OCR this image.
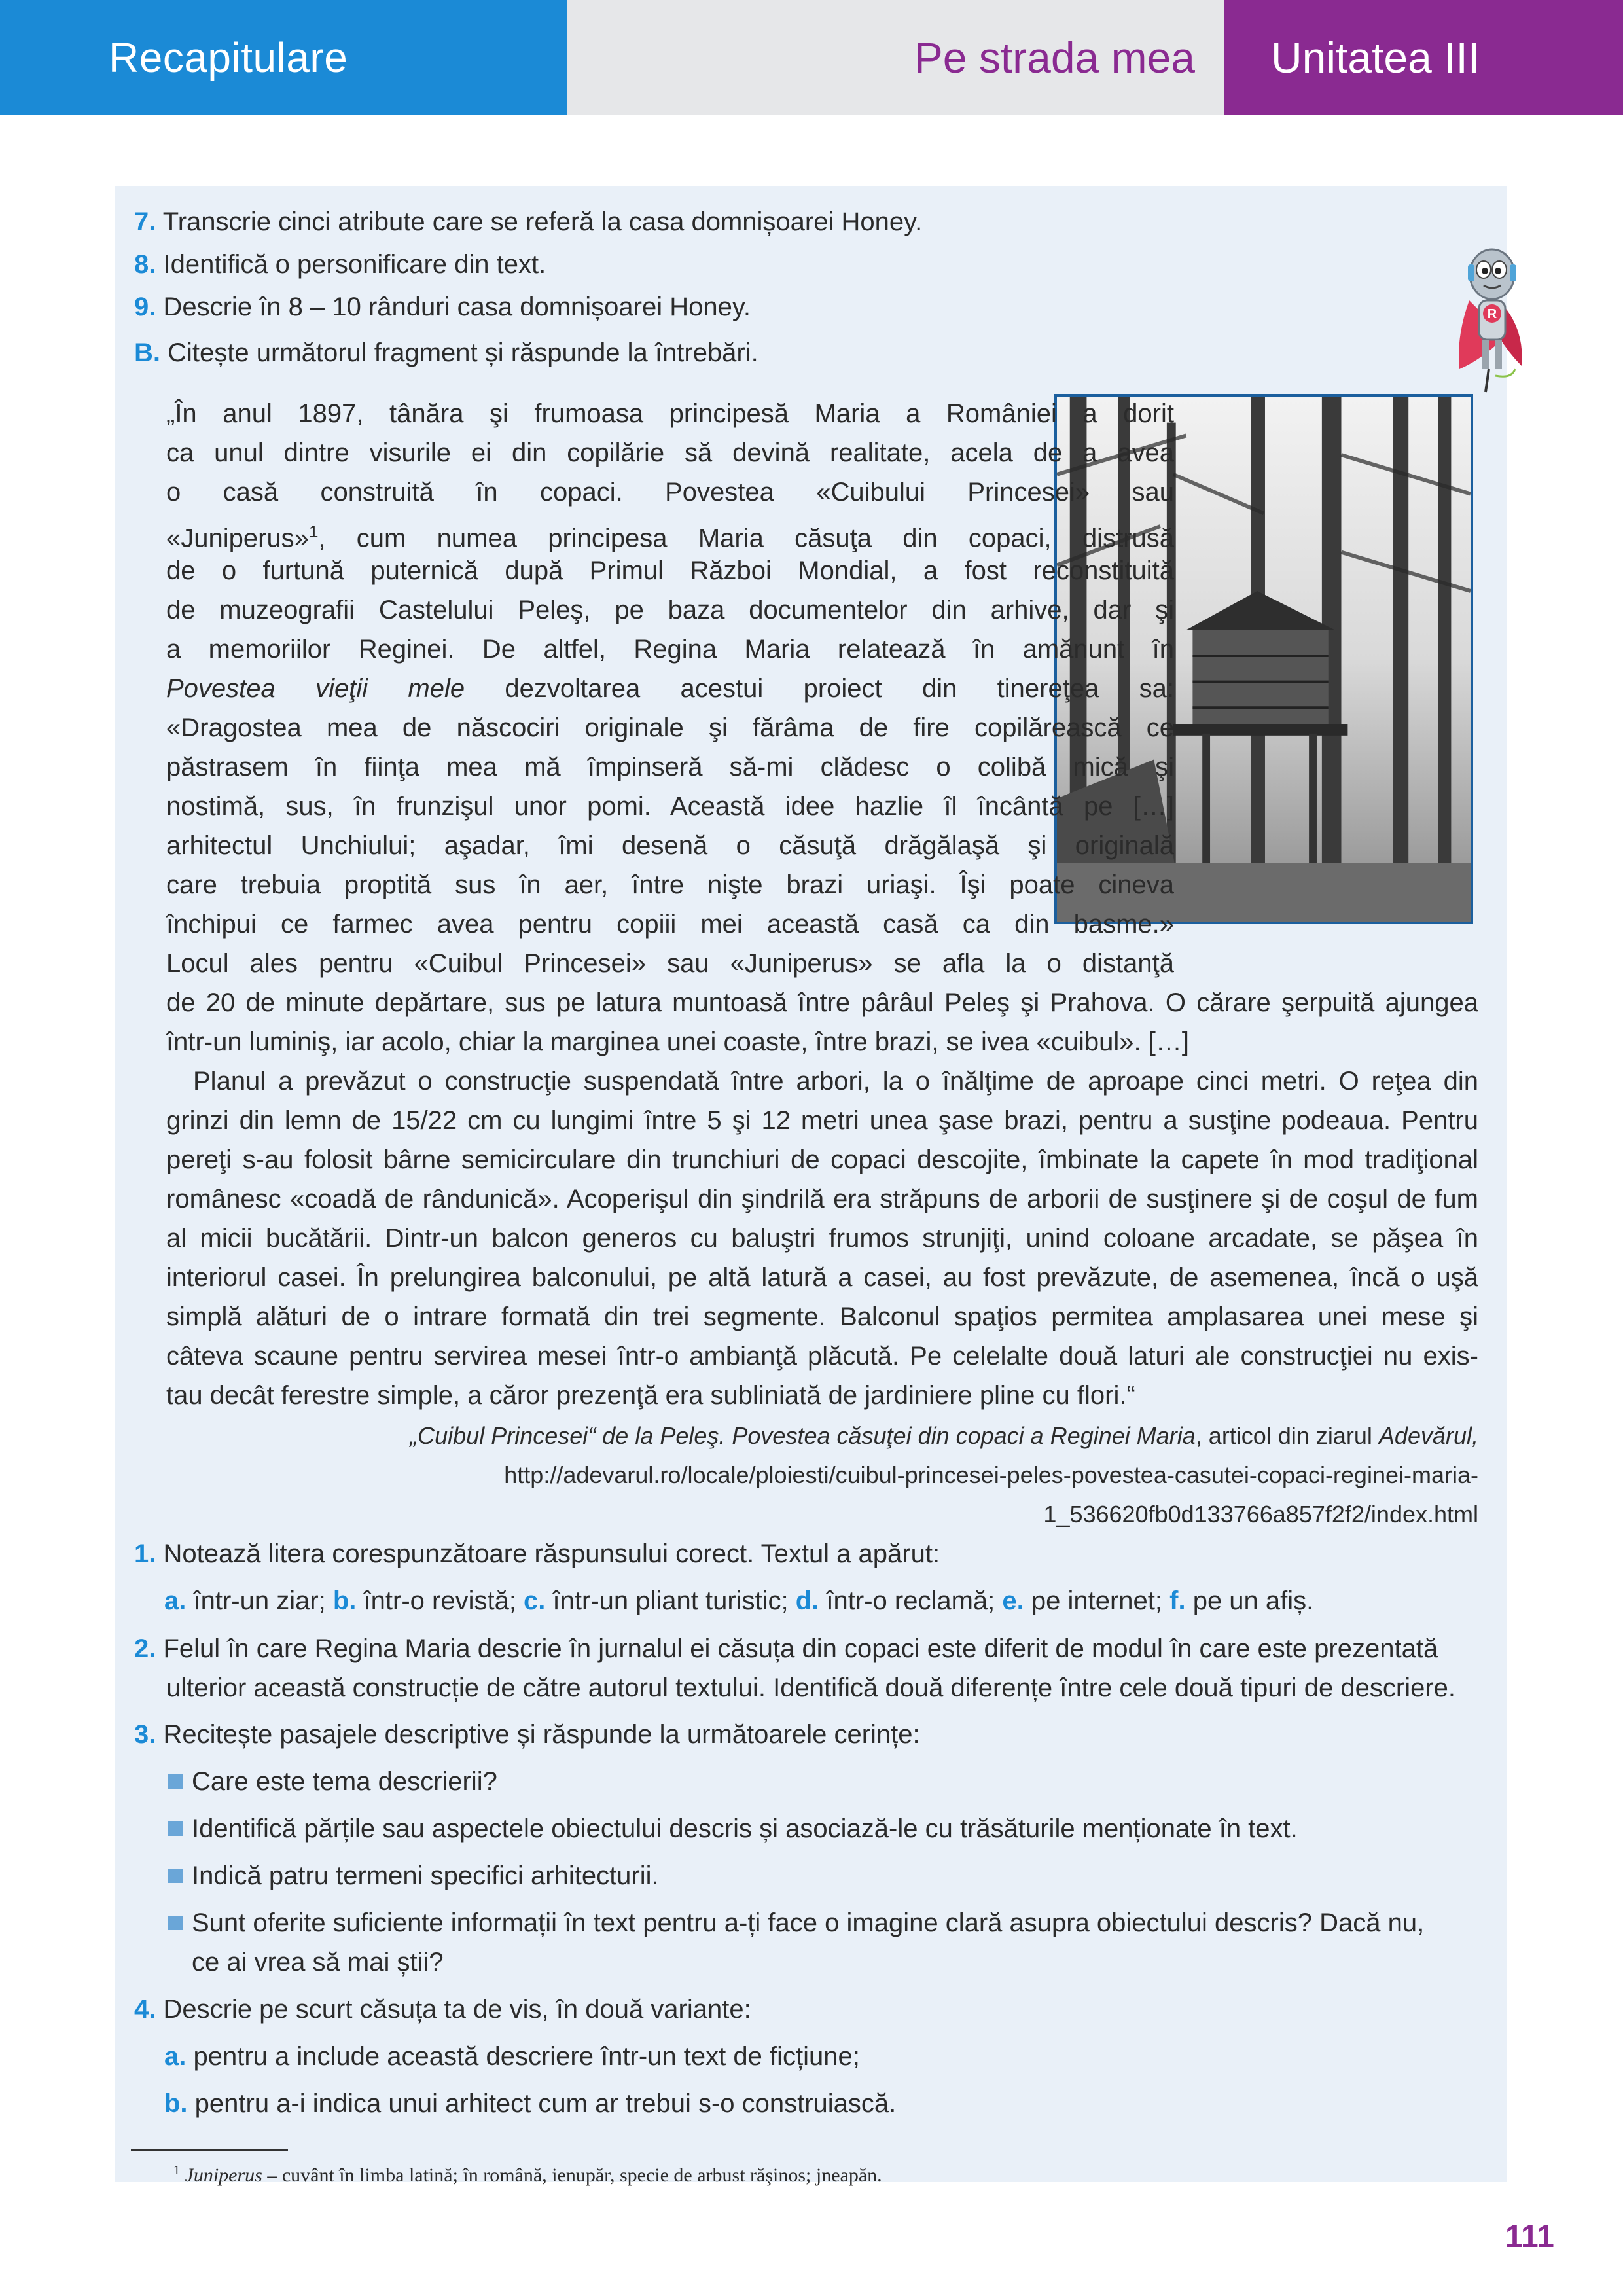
Recapitulare	Pe strada mea Unitatea III

7. Transcrie cinci atribute care se referă la casa domnișoarei Honey.

8. Identifică o personificare din text.

9. Descrie în 8 – 10 rânduri casa domnișoarei Honey.

B. Citește următorul fragment și răspunde la întrebări.

R

„În anul 1897, tânăra şi frumoasa principesă Maria a României a dorit

ca unul dintre visurile ei din copilărie să devină realitate, acela de a avea

o casă construită în copaci. Povestea «Cuibului Princesei» sau

«Juniperus»$^1$, cum numea principesa Maria căsuţa din copaci, distrusă

de o furtună puternică după Primul Război Mondial, a fost reconstituită

de muzeografii Castelului Peleş, pe baza documentelor din arhive, dar şi

a memoriilor Reginei. De altfel, Regina Maria relatează în amănunt în

Povestea vieţii mele dezvoltarea acestui proiect din tinereţea sa:

«Dragostea mea de născociri originale şi fărâma de fire copilărească ce

păstrasem în fiinţa mea mă împinseră să-mi clădesc o colibă mică şi

nostimă, sus, în frunzişul unor pomi. Această idee hazlie îl încântă pe […]

arhitectul Unchiului; aşadar, îmi desenă o căsuţă drăgălaşă şi originală

care trebuia proptită sus în aer, între nişte brazi uriaşi. Îşi poate cineva

închipui ce farmec avea pentru copiii mei această casă ca din basme.»

Locul ales pentru «Cuibul Princesei» sau «Juniperus» se afla la o distanţă

de 20 de minute depărtare, sus pe latura muntoasă între pârâul Peleş şi Prahova. O cărare şerpuită ajungea

într-un luminiş, iar acolo, chiar la marginea unei coaste, între brazi, se ivea «cuibul». […]

Planul a prevăzut o construcţie suspendată între arbori, la o înălţime de aproape cinci metri. O reţea din

grinzi din lemn de 15/22 cm cu lungimi între 5 şi 12 metri unea şase brazi, pentru a susţine podeaua. Pentru

pereţi s-au folosit bârne semicirculare din trunchiuri de copaci descojite, îmbinate la capete în mod tradiţional

românesc «coadă de rândunică». Acoperişul din şindrilă era străpuns de arborii de susţinere şi de coşul de fum

al micii bucătării. Dintr-un balcon generos cu baluştri frumos strunjiţi, unind coloane arcadate, se păşea în

interiorul casei. În prelungirea balconului, pe altă latură a casei, au fost prevăzute, de asemenea, încă o uşă

simplă alături de o intrare formată din trei segmente. Balconul spaţios permitea amplasarea unei mese şi

câteva scaune pentru servirea mesei într-o ambianţă plăcută. Pe celelalte două laturi ale construcţiei nu exis-

tau decât ferestre simple, a căror prezenţă era subliniată de jardiniere pline cu flori.“

„Cuibul Princesei“ de la Peleş. Povestea căsuţei din copaci a Reginei Maria, articol din ziarul Adevărul,

http://adevarul.ro/locale/ploiesti/cuibul-princesei-peles-povestea-casutei-copaci-reginei-maria-

1_536620fb0d133766a857f2f2/index.html

1. Notează litera corespunzătoare răspunsului corect. Textul a apărut:

a. într-un ziar; b. într-o revistă; c. într-un pliant turistic; d. într-o reclamă; e. pe internet; f. pe un afiș.

2. Felul în care Regina Maria descrie în jurnalul ei căsuța din copaci este diferit de modul în care este prezentată

ulterior această construcție de către autorul textului. Identifică două diferențe între cele două tipuri de descriere.

3. Recitește pasajele descriptive și răspunde la următoarele cerințe:

Care este tema descrierii?

Identifică părțile sau aspectele obiectului descris și asociază-le cu trăsăturile menționate în text.

Indică patru termeni specifici arhitecturii.

Sunt oferite suficiente informații în text pentru a-ți face o imagine clară asupra obiectului descris? Dacă nu,

ce ai vrea să mai știi?

4. Descrie pe scurt căsuța ta de vis, în două variante:

a. pentru a include această descriere într-un text de ficțiune;

b. pentru a-i indica unui arhitect cum ar trebui s-o construiască.

$^1$ Juniperus – cuvânt în limba latină; în română, ienupăr, specie de arbust răşinos; jneapăn.
111
